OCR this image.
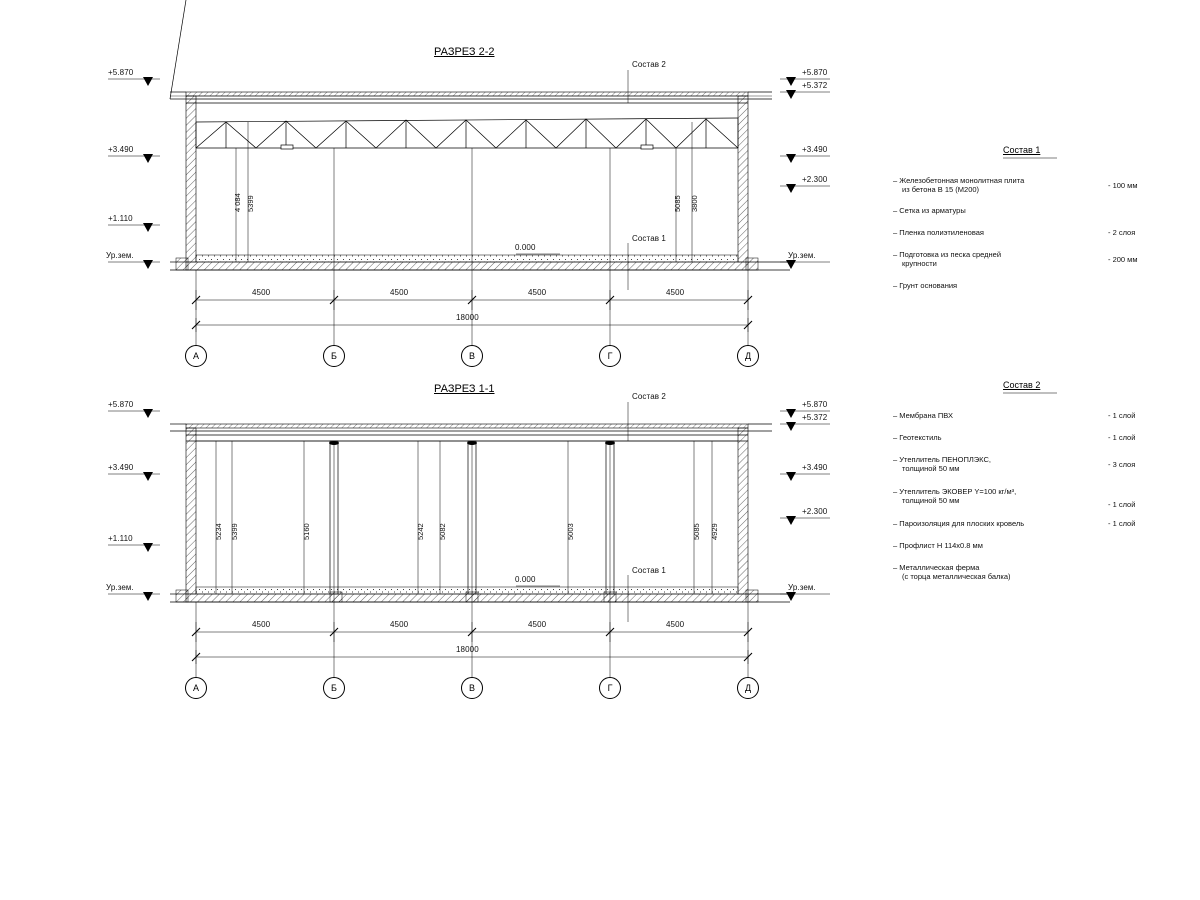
РАЗРЕЗ 2-2
+5.870
+3.490
+1.110
Ур.зем.
+5.870
+5.372
+3.490
+2.300
Ур.зем.
0.000
Состав 2
Состав 1
4 084 5399	5085 3800
4500	4500	4500	4500
18000
А	Б	В	Г	Д
РАЗРЕЗ 1-1
+5.870
+3.490
+1.110
Ур.зем.
+5.870
+5.372
+3.490
+2.300
Ур.зем.
0.000
Состав 2
Состав 1
5234 5399	5160	5242 5082	5003	5085 4929
4500	4500	4500	4500
18000
А	Б	В	Г	Д
Состав 1
– Железобетонная монолитная плита
из бетона В 15 (М200)	- 100 мм
– Сетка из арматуры
– Пленка полиэтиленовая	- 2 слоя
– Подготовка из песка средней
крупности	- 200 мм
– Грунт основания
Состав 2
– Мембрана ПВХ	- 1 слой
– Геотекстиль	- 1 слой
– Утеплитель ПЕНОПЛЭКС,
толщиной 50 мм	- 3 слоя
– Утеплитель ЭКОВЕР Y=100 кг/м³,
толщиной 50 мм	- 1 слой
– Пароизоляция для плоских кровель	- 1 слой
– Профлист Н 114х0.8 мм
– Металлическая ферма
(с торца металлическая балка)
